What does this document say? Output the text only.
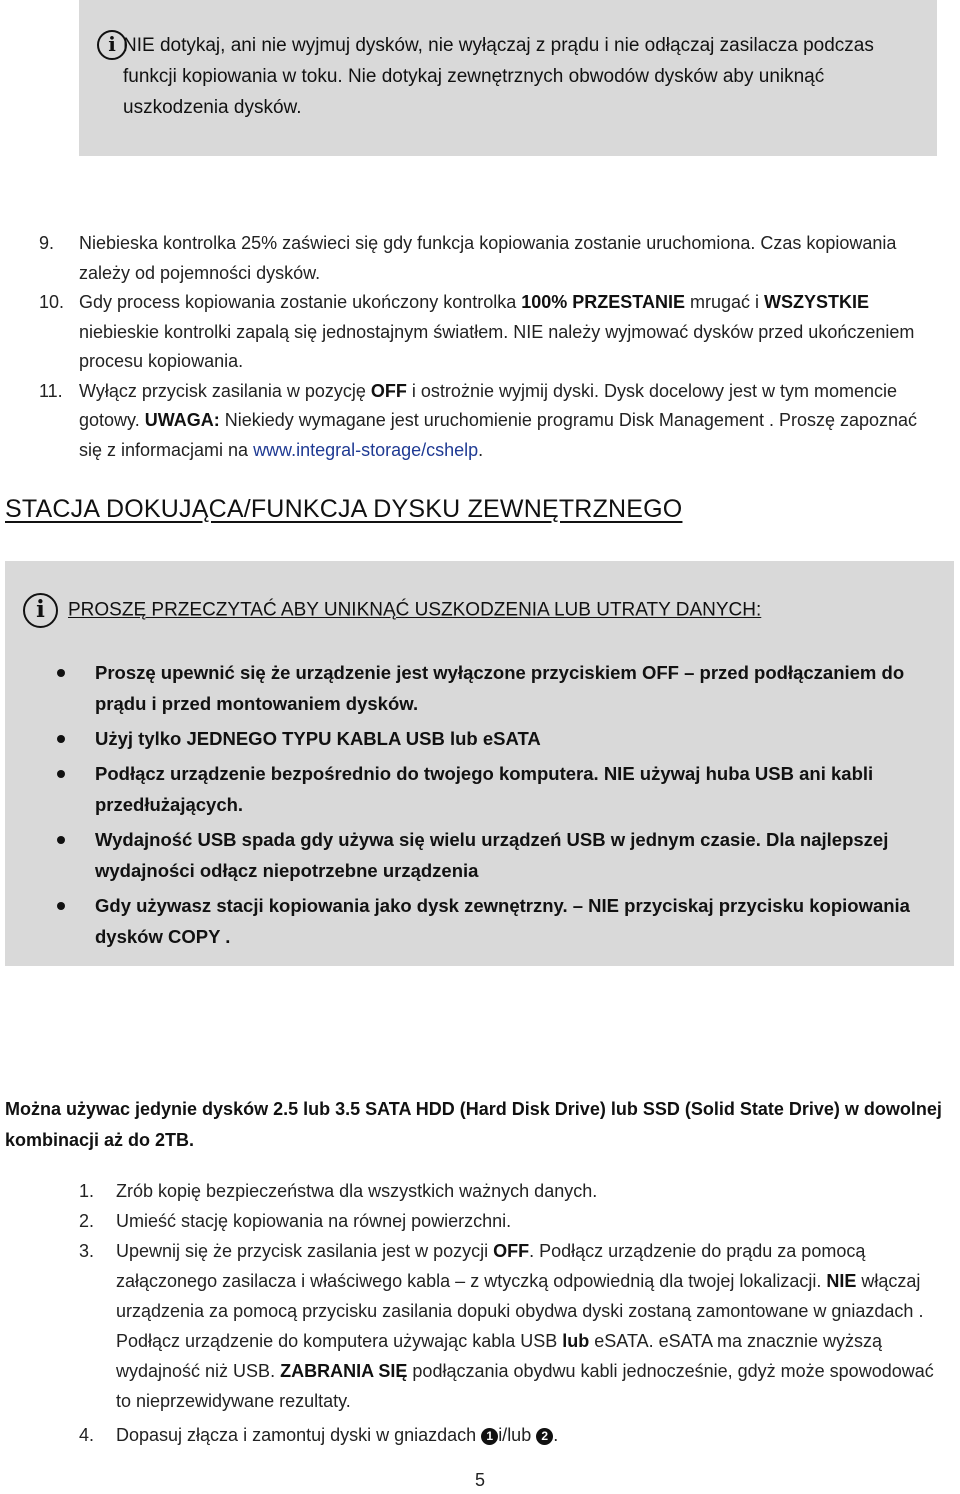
i NIE dotykaj, ani nie wyjmuj dysków, nie wyłączaj z prądu i nie odłączaj zasilacza podczas funkcji kopiowania w toku. Nie dotykaj zewnętrznych obwodów dysków aby uniknąć uszkodzenia dysków.
9. Niebieska kontrolka 25% zaświeci się gdy funkcja kopiowania zostanie uruchomiona. Czas kopiowania zależy od pojemności dysków.
10. Gdy process kopiowania zostanie ukończony kontrolka 100% PRZESTANIE mrugać i WSZYSTKIE niebieskie kontrolki zapalą się jednostajnym światłem. NIE należy wyjmować dysków przed ukończeniem procesu kopiowania.
11. Wyłącz przycisk zasilania w pozycję OFF i ostrożnie wyjmij dyski. Dysk docelowy jest w tym momencie gotowy. UWAGA: Niekiedy wymagane jest uruchomienie programu Disk Management . Proszę zapoznać się z informacjami na www.integral-storage/cshelp.
STACJA DOKUJĄCA/FUNKCJA DYSKU ZEWNĘTRZNEGO
i PROSZĘ PRZECZYTAĆ ABY UNIKNĄĆ USZKODZENIA LUB UTRATY DANYCH:
Proszę upewnić się że urządzenie jest wyłączone przyciskiem OFF – przed podłączaniem do prądu i przed montowaniem dysków.
Użyj tylko JEDNEGO TYPU KABLA USB lub eSATA
Podłącz urządzenie bezpośrednio do twojego komputera. NIE używaj huba USB ani kabli przedłużających.
Wydajność USB spada gdy używa się wielu urządzeń USB w jednym czasie. Dla najlepszej wydajności odłącz niepotrzebne urządzenia
Gdy używasz stacji kopiowania jako dysk zewnętrzny. – NIE przyciskaj przycisku kopiowania dysków COPY .
Można używac jedynie dysków 2.5 lub 3.5 SATA HDD (Hard Disk Drive) lub SSD (Solid State Drive) w dowolnej kombinacji aż do 2TB.
1. Zrób kopię bezpieczeństwa dla wszystkich ważnych danych.
2. Umieść stację kopiowania na równej powierzchni.
3. Upewnij się że przycisk zasilania jest w pozycji OFF. Podłącz urządzenie do prądu za pomocą załączonego zasilacza i właściwego kabla – z wtyczką odpowiednią dla twojej lokalizacji. NIE włączaj urządzenia za pomocą przycisku zasilania dopuki obydwa dyski zostaną zamontowane w gniazdach . Podłącz urządzenie do komputera używając kabla USB lub eSATA. eSATA ma znacznie wyższą wydajność niż USB. ZABRANIA SIĘ podłączania obydwu kabli jednocześnie, gdyż może spowodować to nieprzewidywane rezultaty.
4. Dopasuj złącza i zamontuj dyski w gniazdach 1 i/lub 2 .
5
